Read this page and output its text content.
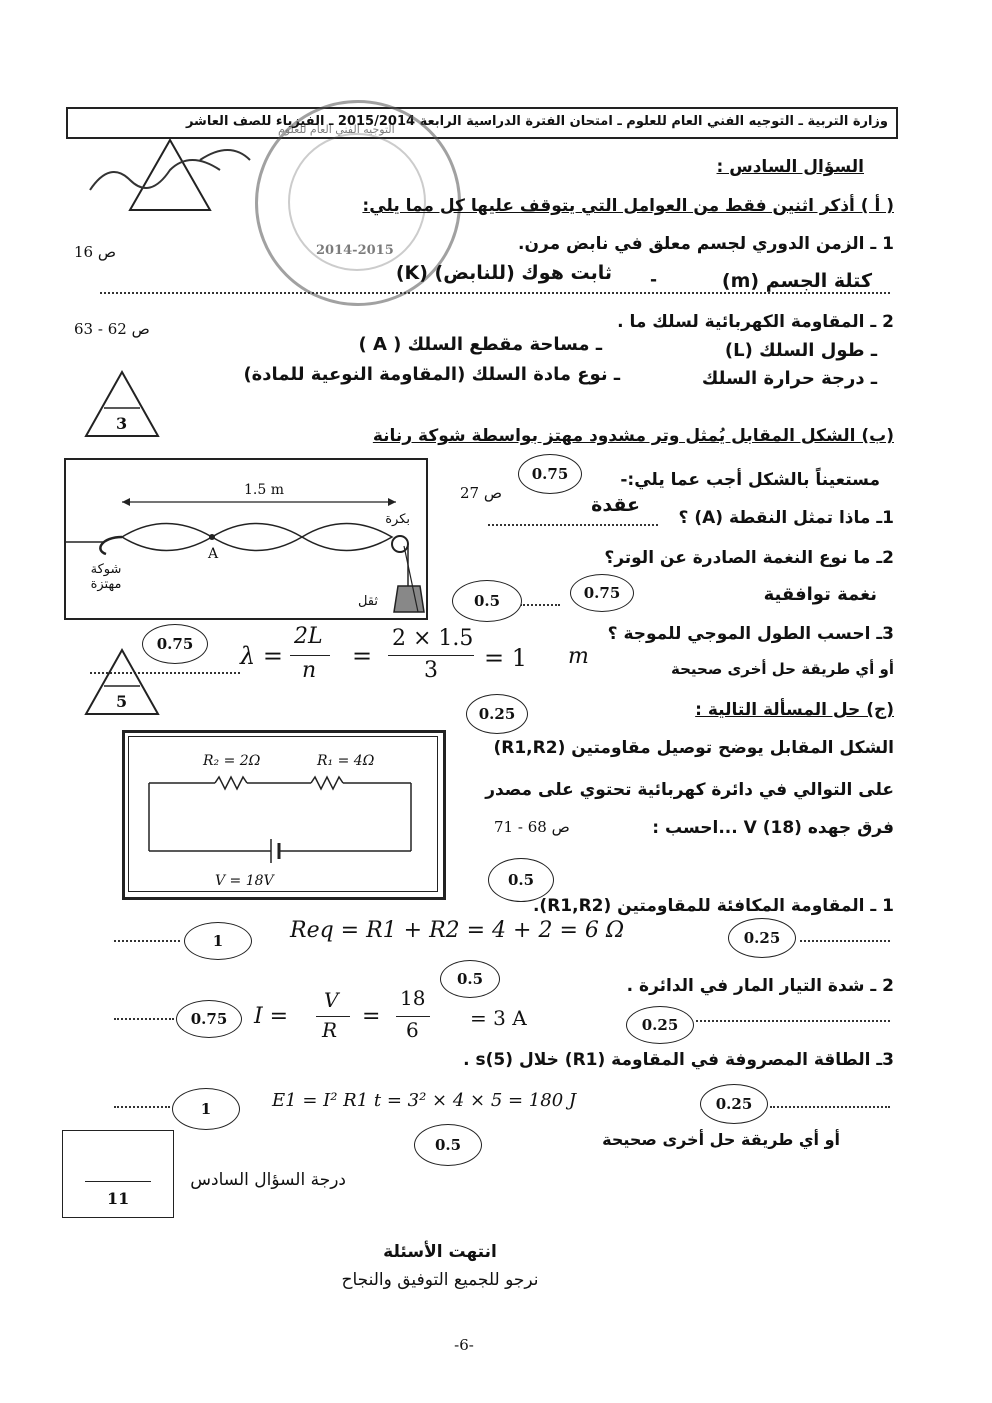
وزارة التربية ـ التوجيه الفني العام للعلوم ـ امتحان الفترة الدراسية الرابعة 2015/2014 ـ الفيزياء للصف العاشر
2014-2015
التوجيه الفني العام للعلوم
السؤال السادس :
( أ ) أذكر اثنين فقط من العوامل التي يتوقف عليها كل مما يلي:
ص 16	1 ـ الزمن الدوري لجسم معلق في نابض مرن.
كتلة الجسم (m)
-
ثابت هوك (للنابض) (K)
ص 62 - 63	2 ـ المقاومة الكهربائية لسلك ما .
ـ طول السلك (L)
ـ مساحة مقطع السلك ( A )
ـ درجة حرارة السلك
ـ نوع مادة السلك (المقاومة النوعية للمادة)
3
(ب) الشكل المقابل يُمثل وتر مشدود مهتز بواسطة شوكة رنانة
1.5 m
A
بكرة
شوكة مهتزة
ثقل
مستعيناً بالشكل أجب عما يلي:-
0.75
ص 27
عقدة
1ـ ماذا تمثل النقطة (A) ؟
2ـ ما نوع النغمة الصادرة عن الوتر؟
0.75	نغمة توافقية
0.5
3ـ احسب الطول الموجي للموجة ؟
0.75	λ =
2L
n
=
2 × 1.5
3 = 1 m	أو أي طريقة حل أخرى صحيحة
5
0.25	(ج) حل المسألة التالية :
الشكل المقابل يوضح توصيل مقاومتين (R1,R2)
على التوالي في دائرة كهربائية تحتوي على مصدر
فرق جهده V (18) ...احسب :
ص 68 - 71
R₂ = 2Ω	R₁ = 4Ω
V = 18V	0.5
1 ـ المقاومة المكافئة للمقاومتين (R1,R2).
1	Req = R1 + R2 = 4 + 2 = 6 Ω	0.25
0.5	2 ـ شدة التيار المار في الدائرة .
0.75	I =
V
R
=
18
6	= 3 A	0.25
3ـ الطاقة المصروفة في المقاومة (R1) خلال (5)s .
1	E1 = I² R1 t = 3² × 4 × 5 = 180 J	0.25
0.5	أو أي طريقة حل أخرى صحيحة
11
درجة السؤال السادس
انتهت الأسئلة
نرجو للجميع التوفيق والنجاح
-6-
